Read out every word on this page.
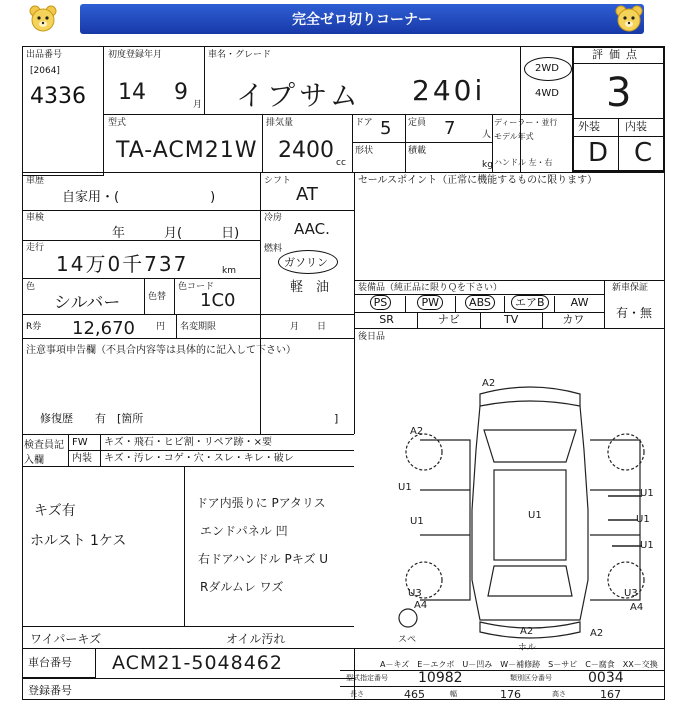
完全ゼロ切りコーナー
出品番号
[2064]
4336
初度登録年月
14 9 月
車名・グレード
イプサム 240i
2WD
4WD
評価点
3
外装 内装
D C
型式
TA-ACM21W
排気量
2400 cc
ドア 5 定員 7	人
形状	積載
kg
ディーラー・並行
モデル年式
ハンドル 左・右
車歴
自家用・(　　　　　　　)
シフト
AT
セールスポイント（正常に機能するものに限ります）
車検
年　　　月(　　　日)
冷房
AAC.
燃料
ガソリン
軽　油
走行
14万0千737	km
色
シルバー	色替
色コード
1C0
R券 12,670 円 名変期限	月　　日
装備品（純正品に限りＱを下さい）	新車保証
有・無
PS	PW	ABS	エアB	AW
SR	ナビ	TV	カワ
後日品
注意事項申告欄（不具合内容等は具体的に記入して下さい）
修復歴　　有　[箇所	]
検査員記入欄
FW キズ・飛石・ヒビ割・リペア跡・×要
内装 キズ・汚レ・コゲ・穴・スレ・キレ・破レ
キズ有
ホルスト 1ケス
ドア内張りに Pアタリス
エンドパネル 凹
右ドアハンドル Pキズ U
Rダルムレ ワズ
ワイパーキズ	オイル汚れ
車台番号 ACM21-5048462
登録番号
A－キズ　E－エクボ　U－凹み　W－補修跡　S－サビ　C－腐食　XX－交換
型式指定番号 10982	類別区分番号	0034
長さ	465	幅	176	高さ	167
A2
A2
U1
U1
U1
U1
U1
U1
U3
A4
U3
A4
A2
A2
ホル
スペ
